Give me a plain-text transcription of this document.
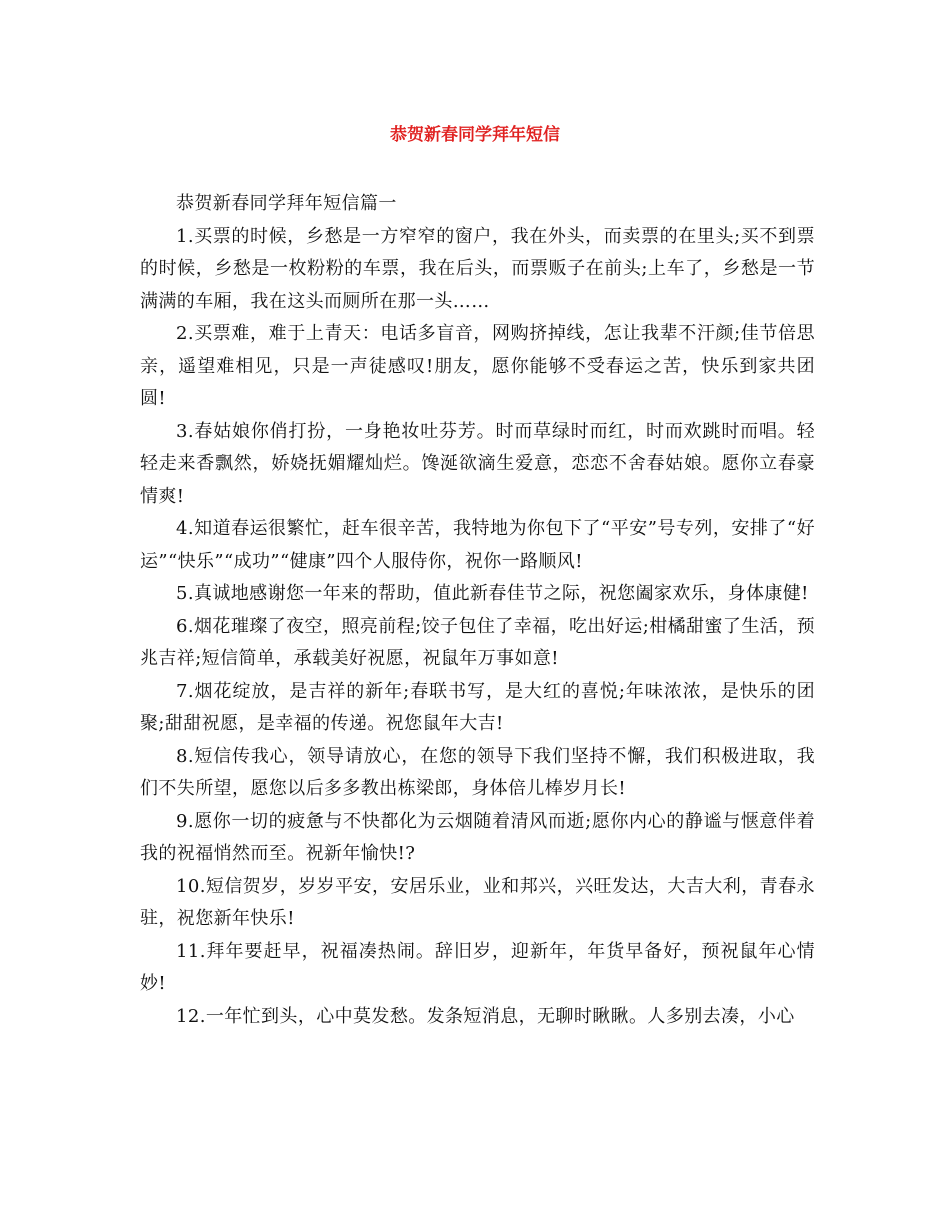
恭贺新春同学拜年短信

恭贺新春同学拜年短信篇一

1.买票的时候，乡愁是一方窄窄的窗户，我在外头，而卖票的在里头;买不到票的时候，乡愁是一枚粉粉的车票，我在后头，而票贩子在前头;上车了，乡愁是一节满满的车厢，我在这头而厕所在那一头……

2.买票难，难于上青天：电话多盲音，网购挤掉线，怎让我辈不汗颜;佳节倍思亲，遥望难相见，只是一声徒感叹!朋友，愿你能够不受春运之苦，快乐到家共团圆!

3.春姑娘你俏打扮，一身艳妆吐芬芳。时而草绿时而红，时而欢跳时而唱。轻轻走来香飘然，娇娆抚媚耀灿烂。馋涎欲滴生爱意，恋恋不舍春姑娘。愿你立春豪情爽!

4.知道春运很繁忙，赶车很辛苦，我特地为你包下了“平安”号专列，安排了“好运”“快乐”“成功”“健康”四个人服侍你，祝你一路顺风!

5.真诚地感谢您一年来的帮助，值此新春佳节之际，祝您阖家欢乐，身体康健!

6.烟花璀璨了夜空，照亮前程;饺子包住了幸福，吃出好运;柑橘甜蜜了生活，预兆吉祥;短信简单，承载美好祝愿，祝鼠年万事如意!

7.烟花绽放，是吉祥的新年;春联书写，是大红的喜悦;年味浓浓，是快乐的团聚;甜甜祝愿，是幸福的传递。祝您鼠年大吉!

8.短信传我心，领导请放心，在您的领导下我们坚持不懈，我们积极进取，我们不失所望，愿您以后多多教出栋梁郎，身体倍儿棒岁月长!

9.愿你一切的疲惫与不快都化为云烟随着清风而逝;愿你内心的静谧与惬意伴着我的祝福悄然而至。祝新年愉快!?

10.短信贺岁，岁岁平安，安居乐业，业和邦兴，兴旺发达，大吉大利，青春永驻，祝您新年快乐!

11.拜年要赶早，祝福凑热闹。辞旧岁，迎新年，年货早备好，预祝鼠年心情妙!

12.一年忙到头，心中莫发愁。发条短消息，无聊时瞅瞅。人多别去凑，小心
